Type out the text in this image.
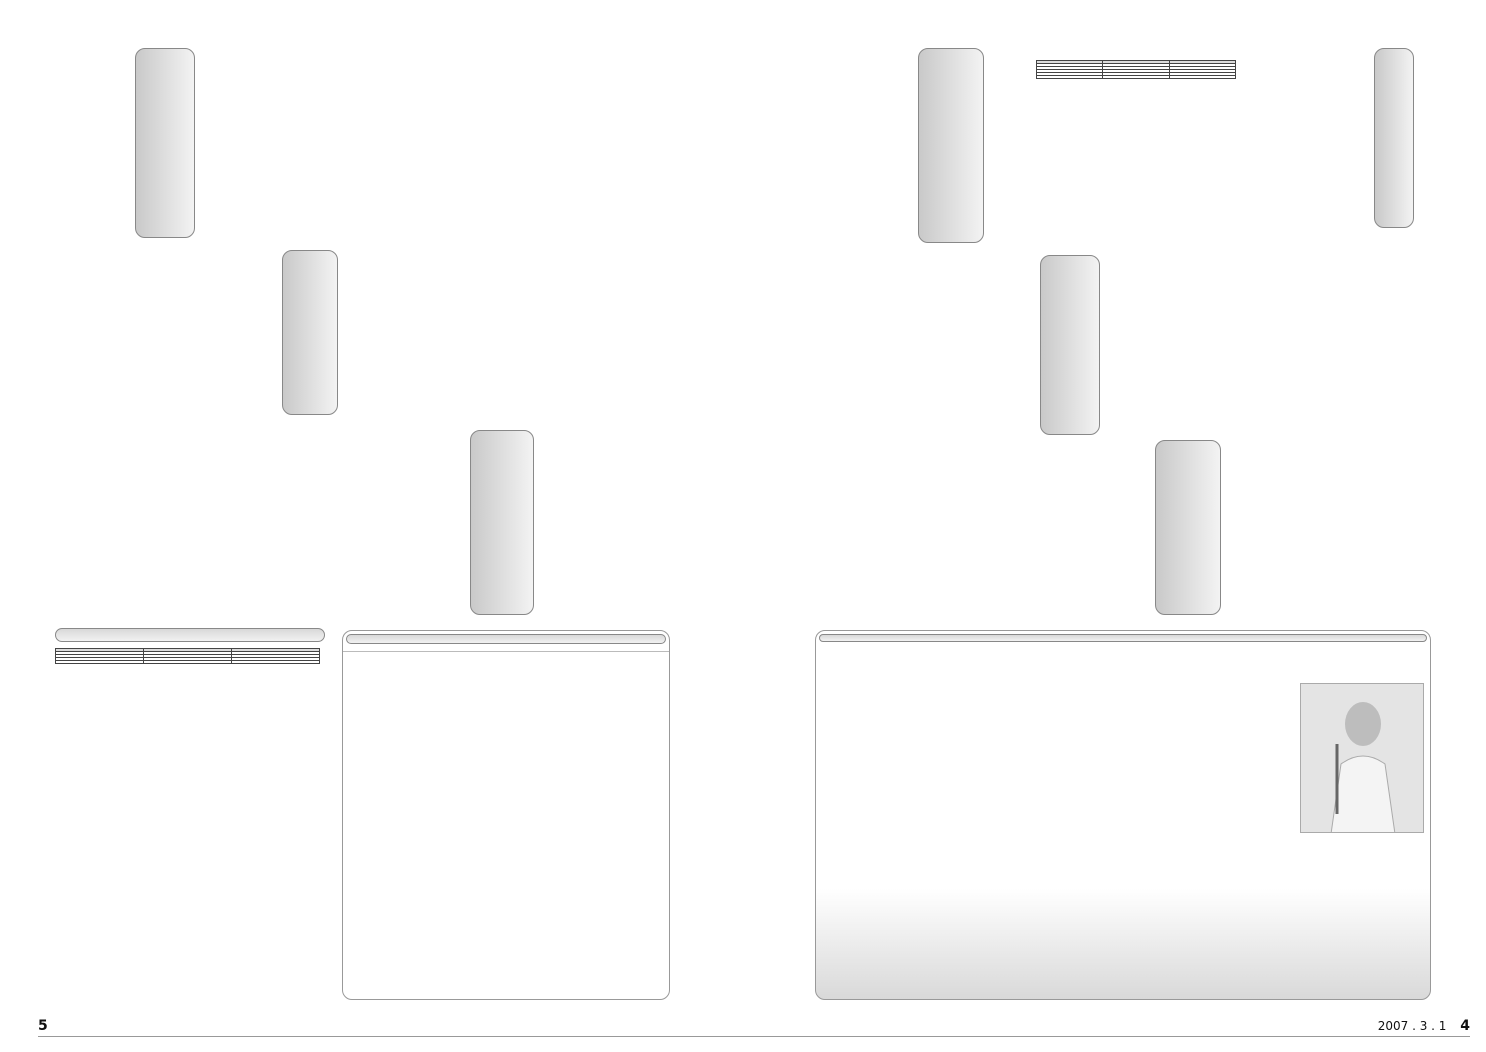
5	2007 . 3 . 1 4
